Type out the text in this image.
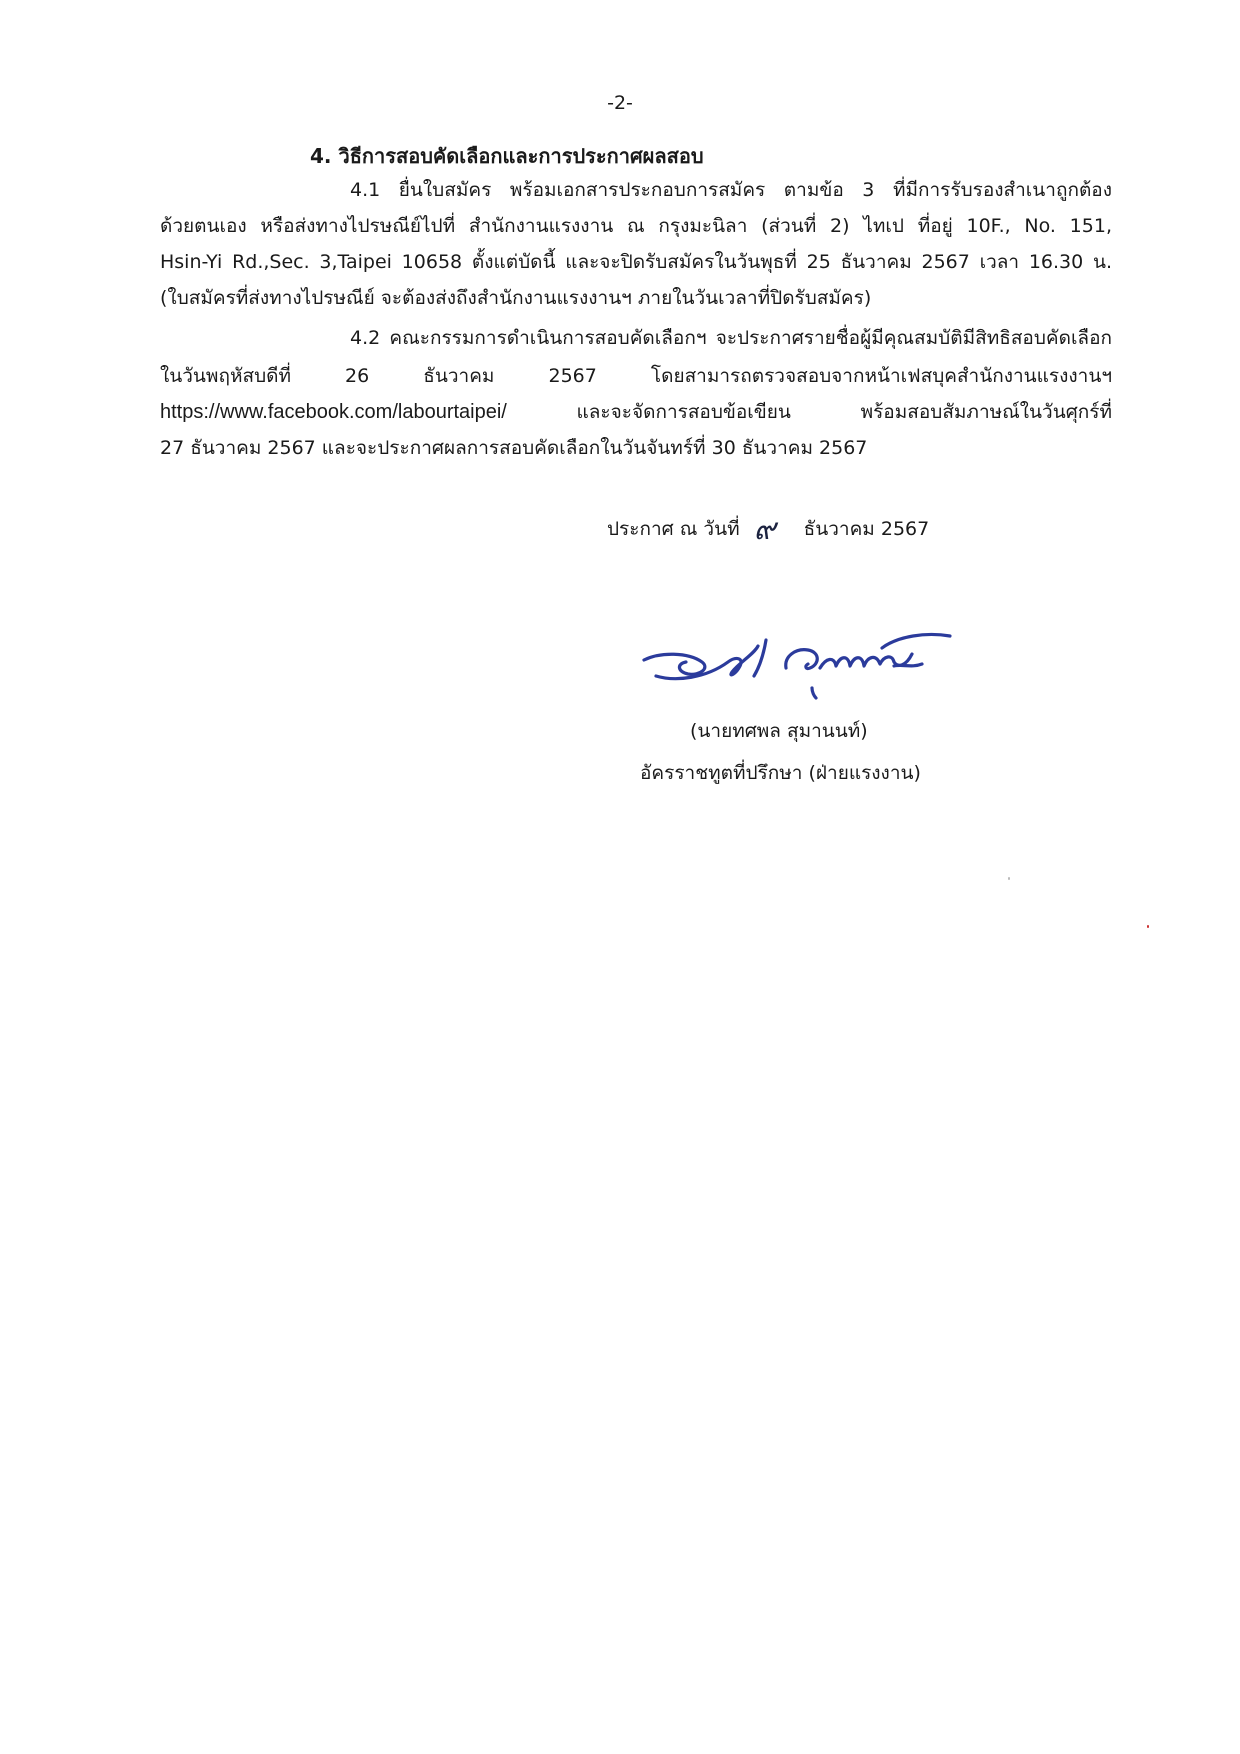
-2-
4. วิธีการสอบคัดเลือกและการประกาศผลสอบ
4.1 ยื่นใบสมัคร พร้อมเอกสารประกอบการสมัคร ตามข้อ 3 ที่มีการรับรองสำเนาถูกต้อง
ด้วยตนเอง หรือส่งทางไปรษณีย์ไปที่ สำนักงานแรงงาน ณ กรุงมะนิลา (ส่วนที่ 2) ไทเป ที่อยู่ 10F., No. 151,
Hsin-Yi Rd.,Sec. 3,Taipei 10658 ตั้งแต่บัดนี้ และจะปิดรับสมัครในวันพุธที่ 25 ธันวาคม 2567 เวลา 16.30 น.
(ใบสมัครที่ส่งทางไปรษณีย์ จะต้องส่งถึงสำนักงานแรงงานฯ ภายในวันเวลาที่ปิดรับสมัคร)
4.2 คณะกรรมการดำเนินการสอบคัดเลือกฯ จะประกาศรายชื่อผู้มีคุณสมบัติมีสิทธิสอบคัดเลือก
ในวันพฤหัสบดีที่ 26 ธันวาคม 2567 โดยสามารถตรวจสอบจากหน้าเฟสบุคสำนักงานแรงงานฯ
https://www.facebook.com/labourtaipei/	และจะจัดการสอบข้อเขียน พร้อมสอบสัมภาษณ์ในวันศุกร์ที่
27 ธันวาคม 2567 และจะประกาศผลการสอบคัดเลือกในวันจันทร์ที่ 30 ธันวาคม 2567
ประกาศ ณ วันที่ ๙ ธันวาคม 2567
(นายทศพล สุมานนท์)
อัครราชทูตที่ปรึกษา (ฝ่ายแรงงาน)
